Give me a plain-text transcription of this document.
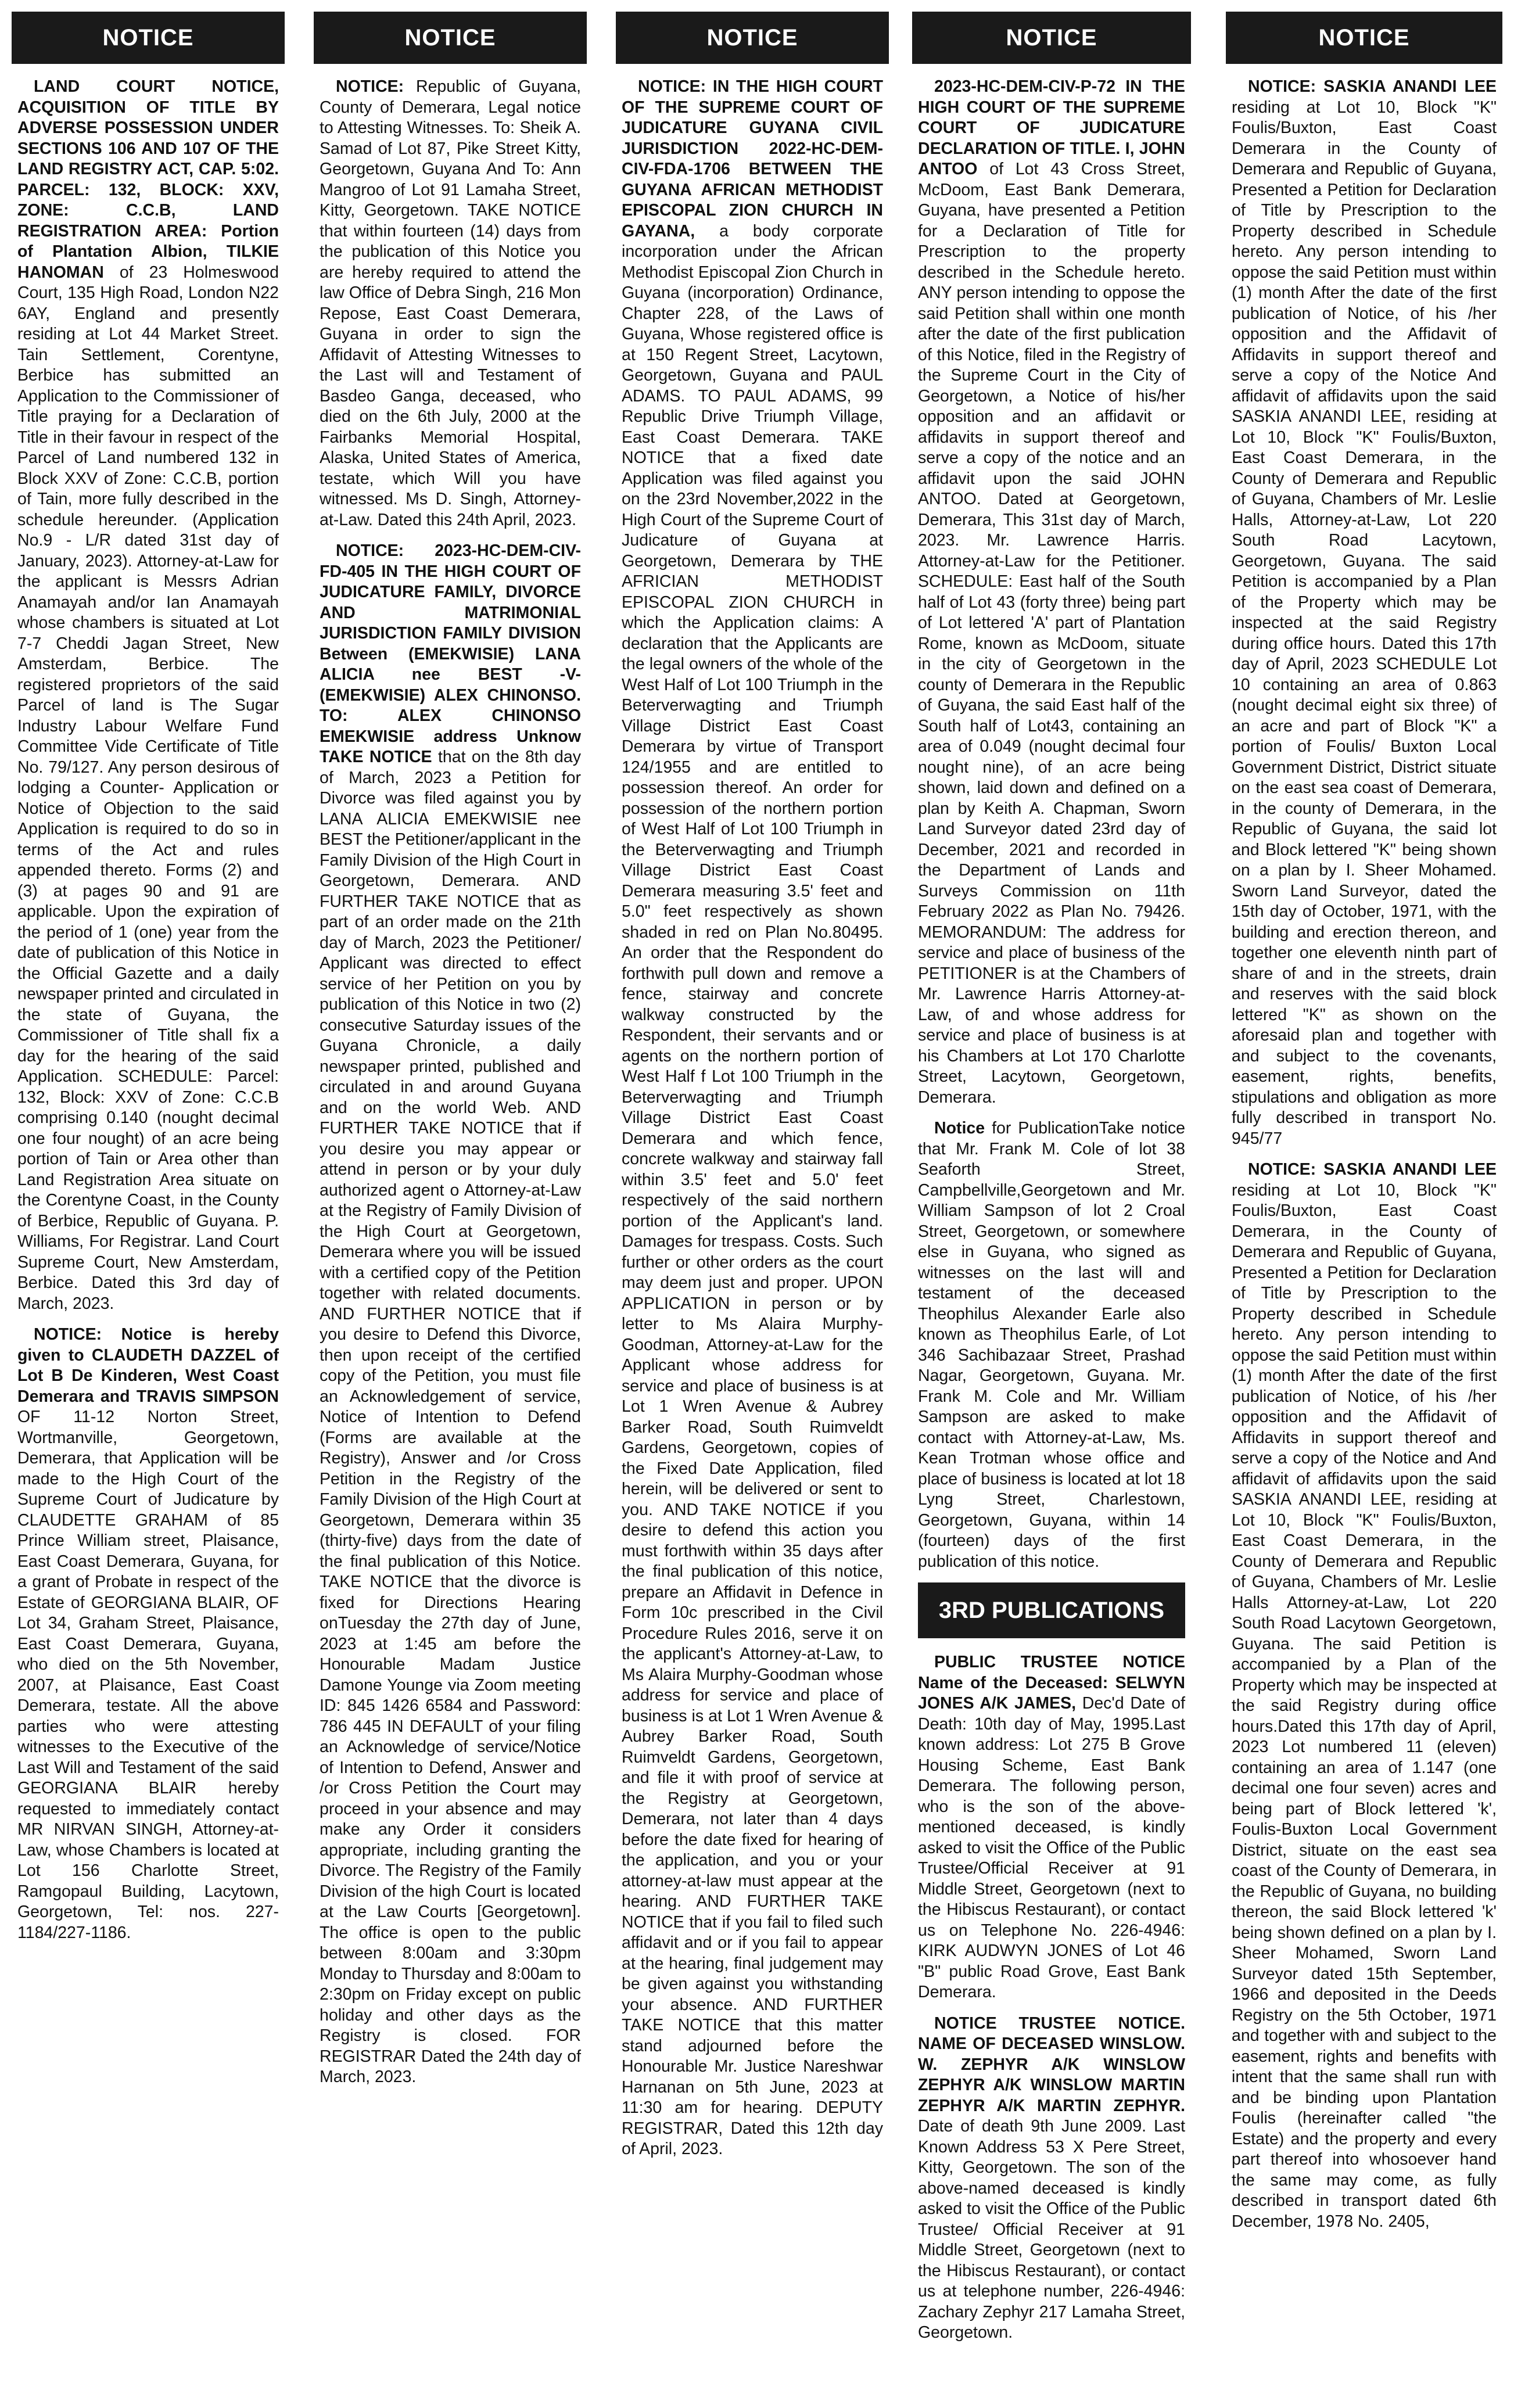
NOTICE

LAND COURT NOTICE, ACQUISITION OF TITLE BY ADVERSE POSSESSION UNDER SECTIONS 106 AND 107 OF THE LAND REGISTRY ACT, CAP. 5:02. PARCEL: 132, BLOCK: XXV, ZONE: C.C.B, LAND REGISTRATION AREA: Portion of Plantation Albion, TILKIE HANOMAN of 23 Holmeswood Court, 135 High Road, London N22 6AY, England and presently residing at Lot 44 Market Street. Tain Settlement, Corentyne, Berbice has submitted an Application to the Commissioner of Title praying for a Declaration of Title in their favour in respect of the Parcel of Land numbered 132 in Block XXV of Zone: C.C.B, portion of Tain, more fully described in the schedule hereunder. (Application No.9 - L/R dated 31st day of January, 2023). Attorney-at-Law for the applicant is Messrs Adrian Anamayah and/or Ian Anamayah whose chambers is situated at Lot 7-7 Cheddi Jagan Street, New Amsterdam, Berbice. The registered proprietors of the said Parcel of land is The Sugar Industry Labour Welfare Fund Committee Vide Certificate of Title No. 79/127. Any person desirous of lodging a Counter- Application or Notice of Objection to the said Application is required to do so in terms of the Act and rules appended thereto. Forms (2) and (3) at pages 90 and 91 are applicable. Upon the expiration of the period of 1 (one) year from the date of publication of this Notice in the Official Gazette and a daily newspaper printed and circulated in the state of Guyana, the Commissioner of Title shall fix a day for the hearing of the said Application. SCHEDULE: Parcel: 132, Block: XXV of Zone: C.C.B comprising 0.140 (nought decimal one four nought) of an acre being portion of Tain or Area other than Land Registration Area situate on the Corentyne Coast, in the County of Berbice, Republic of Guyana. P. Williams, For Registrar. Land Court Supreme Court, New Amsterdam, Berbice. Dated this 3rd day of March, 2023.

NOTICE: Notice is hereby given to CLAUDETH DAZZEL of Lot B De Kinderen, West Coast Demerara and TRAVIS SIMPSON OF 11-12 Norton Street, Wortmanville, Georgetown, Demerara, that Application will be made to the High Court of the Supreme Court of Judicature by CLAUDETTE GRAHAM of 85 Prince William street, Plaisance, East Coast Demerara, Guyana, for a grant of Probate in respect of the Estate of GEORGIANA BLAIR, OF Lot 34, Graham Street, Plaisance, East Coast Demerara, Guyana, who died on the 5th November, 2007, at Plaisance, East Coast Demerara, testate. All the above parties who were attesting witnesses to the Executive of the Last Will and Testament of the said GEORGIANA BLAIR hereby requested to immediately contact MR NIRVAN SINGH, Attorney-at-Law, whose Chambers is located at Lot 156 Charlotte Street, Ramgopaul Building, Lacytown, Georgetown, Tel: nos. 227-1184/227-1186.

NOTICE

NOTICE: Republic of Guyana, County of Demerara, Legal notice to Attesting Witnesses. To: Sheik A. Samad of Lot 87, Pike Street Kitty, Georgetown, Guyana And To: Ann Mangroo of Lot 91 Lamaha Street, Kitty, Georgetown. TAKE NOTICE that within fourteen (14) days from the publication of this Notice you are hereby required to attend the law Office of Debra Singh, 216 Mon Repose, East Coast Demerara, Guyana in order to sign the Affidavit of Attesting Witnesses to the Last will and Testament of Basdeo Ganga, deceased, who died on the 6th July, 2000 at the Fairbanks Memorial Hospital, Alaska, United States of America, testate, which Will you have witnessed. Ms D. Singh, Attorney-at-Law. Dated this 24th April, 2023.

NOTICE: 2023-HC-DEM-CIV-FD-405 IN THE HIGH COURT OF JUDICATURE FAMILY, DIVORCE AND MATRIMONIAL JURISDICTION FAMILY DIVISION Between (EMEKWISIE) LANA ALICIA nee BEST -V- (EMEKWISIE) ALEX CHINONSO. TO: ALEX CHINONSO EMEKWISIE address Unknow TAKE NOTICE that on the 8th day of March, 2023 a Petition for Divorce was filed against you by LANA ALICIA EMEKWISIE nee BEST the Petitioner/applicant in the Family Division of the High Court in Georgetown, Demerara. AND FURTHER TAKE NOTICE that as part of an order made on the 21th day of March, 2023 the Petitioner/ Applicant was directed to effect service of her Petition on you by publication of this Notice in two (2) consecutive Saturday issues of the Guyana Chronicle, a daily newspaper printed, published and circulated in and around Guyana and on the world Web. AND FURTHER TAKE NOTICE that if you desire you may appear or attend in person or by your duly authorized agent o Attorney-at-Law at the Registry of Family Division of the High Court at Georgetown, Demerara where you will be issued with a certified copy of the Petition together with related documents. AND FURTHER NOTICE that if you desire to Defend this Divorce, then upon receipt of the certified copy of the Petition, you must file an Acknowledgement of service, Notice of Intention to Defend (Forms are available at the Registry), Answer and /or Cross Petition in the Registry of the Family Division of the High Court at Georgetown, Demerara within 35 (thirty-five) days from the date of the final publication of this Notice. TAKE NOTICE that the divorce is fixed for Directions Hearing onTuesday the 27th day of June, 2023 at 1:45 am before the Honourable Madam Justice Damone Younge via Zoom meeting ID: 845 1426 6584 and Password: 786 445 IN DEFAULT of your filing an Acknowledge of service/Notice of Intention to Defend, Answer and /or Cross Petition the Court may proceed in your absence and may make any Order it considers appropriate, including granting the Divorce. The Registry of the Family Division of the high Court is located at the Law Courts [Georgetown]. The office is open to the public between 8:00am and 3:30pm Monday to Thursday and 8:00am to 2:30pm on Friday except on public holiday and other days as the Registry is closed. FOR REGISTRAR Dated the 24th day of March, 2023.

NOTICE

NOTICE: IN THE HIGH COURT OF THE SUPREME COURT OF JUDICATURE GUYANA CIVIL JURISDICTION 2022-HC-DEM-CIV-FDA-1706 BETWEEN THE GUYANA AFRICAN METHODIST EPISCOPAL ZION CHURCH IN GAYANA, a body corporate incorporation under the African Methodist Episcopal Zion Church in Guyana (incorporation) Ordinance, Chapter 228, of the Laws of Guyana, Whose registered office is at 150 Regent Street, Lacytown, Georgetown, Guyana and PAUL ADAMS. TO PAUL ADAMS, 99 Republic Drive Triumph Village, East Coast Demerara. TAKE NOTICE that a fixed date Application was filed against you on the 23rd November,2022 in the High Court of the Supreme Court of Judicature of Guyana at Georgetown, Demerara by THE AFRICIAN METHODIST EPISCOPAL ZION CHURCH in which the Application claims: A declaration that the Applicants are the legal owners of the whole of the West Half of Lot 100 Triumph in the Beterverwagting and Triumph Village District East Coast Demerara by virtue of Transport 124/1955 and are entitled to possession thereof. An order for possession of the northern portion of West Half of Lot 100 Triumph in the Beterverwagting and Triumph Village District East Coast Demerara measuring 3.5' feet and 5.0" feet respectively as shown shaded in red on Plan No.80495. An order that the Respondent do forthwith pull down and remove a fence, stairway and concrete walkway constructed by the Respondent, their servants and or agents on the northern portion of West Half f Lot 100 Triumph in the Beterverwagting and Triumph Village District East Coast Demerara and which fence, concrete walkway and stairway fall within 3.5' feet and 5.0' feet respectively of the said northern portion of the Applicant's land. Damages for trespass. Costs. Such further or other orders as the court may deem just and proper. UPON APPLICATION in person or by letter to Ms Alaira Murphy-Goodman, Attorney-at-Law for the Applicant whose address for service and place of business is at Lot 1 Wren Avenue & Aubrey Barker Road, South Ruimveldt Gardens, Georgetown, copies of the Fixed Date Application, filed herein, will be delivered or sent to you. AND TAKE NOTICE if you desire to defend this action you must forthwith within 35 days after the final publication of this notice, prepare an Affidavit in Defence in Form 10c prescribed in the Civil Procedure Rules 2016, serve it on the applicant's Attorney-at-Law, to Ms Alaira Murphy-Goodman whose address for service and place of business is at Lot 1 Wren Avenue & Aubrey Barker Road, South Ruimveldt Gardens, Georgetown, and file it with proof of service at the Registry at Georgetown, Demerara, not later than 4 days before the date fixed for hearing of the application, and you or your attorney-at-law must appear at the hearing. AND FURTHER TAKE NOTICE that if you fail to filed such affidavit and or if you fail to appear at the hearing, final judgement may be given against you withstanding your absence. AND FURTHER TAKE NOTICE that this matter stand adjourned before the Honourable Mr. Justice Nareshwar Harnanan on 5th June, 2023 at 11:30 am for hearing. DEPUTY REGISTRAR, Dated this 12th day of April, 2023.

NOTICE

2023-HC-DEM-CIV-P-72 IN THE HIGH COURT OF THE SUPREME COURT OF JUDICATURE DECLARATION OF TITLE. I, JOHN ANTOO of Lot 43 Cross Street, McDoom, East Bank Demerara, Guyana, have presented a Petition for a Declaration of Title for Prescription to the property described in the Schedule hereto. ANY person intending to oppose the said Petition shall within one month after the date of the first publication of this Notice, filed in the Registry of the Supreme Court in the City of Georgetown, a Notice of his/her opposition and an affidavit or affidavits in support thereof and serve a copy of the notice and an affidavit upon the said JOHN ANTOO. Dated at Georgetown, Demerara, This 31st day of March, 2023. Mr. Lawrence Harris. Attorney-at-Law for the Petitioner. SCHEDULE: East half of the South half of Lot 43 (forty three) being part of Lot lettered 'A' part of Plantation Rome, known as McDoom, situate in the city of Georgetown in the county of Demerara in the Republic of Guyana, the said East half of the South half of Lot43, containing an area of 0.049 (nought decimal four nought nine), of an acre being shown, laid down and defined on a plan by Keith A. Chapman, Sworn Land Surveyor dated 23rd day of December, 2021 and recorded in the Department of Lands and Surveys Commission on 11th February 2022 as Plan No. 79426. MEMORANDUM: The address for service and place of business of the PETITIONER is at the Chambers of Mr. Lawrence Harris Attorney-at-Law, of and whose address for service and place of business is at his Chambers at Lot 170 Charlotte Street, Lacytown, Georgetown, Demerara.

Notice for PublicationTake notice that Mr. Frank M. Cole of lot 38 Seaforth Street, Campbellville,Georgetown and Mr. William Sampson of lot 2 Croal Street, Georgetown, or somewhere else in Guyana, who signed as witnesses on the last will and testament of the deceased Theophilus Alexander Earle also known as Theophilus Earle, of Lot 346 Sachibazaar Street, Prashad Nagar, Georgetown, Guyana. Mr. Frank M. Cole and Mr. William Sampson are asked to make contact with Attorney-at-Law, Ms. Kean Trotman whose office and place of business is located at lot 18 Lyng Street, Charlestown, Georgetown, Guyana, within 14 (fourteen) days of the first publication of this notice.

3RD PUBLICATIONS

PUBLIC TRUSTEE NOTICE Name of the Deceased: SELWYN JONES A/K JAMES, Dec'd Date of Death: 10th day of May, 1995.Last known address: Lot 275 B Grove Housing Scheme, East Bank Demerara. The following person, who is the son of the above-mentioned deceased, is kindly asked to visit the Office of the Public Trustee/Official Receiver at 91 Middle Street, Georgetown (next to the Hibiscus Restaurant), or contact us on Telephone No. 226-4946: KIRK AUDWYN JONES of Lot 46 "B" public Road Grove, East Bank Demerara.

NOTICE TRUSTEE NOTICE. NAME OF DECEASED WINSLOW. W. ZEPHYR A/K WINSLOW ZEPHYR A/K WINSLOW MARTIN ZEPHYR A/K MARTIN ZEPHYR. Date of death 9th June 2009. Last Known Address 53 X Pere Street, Kitty, Georgetown. The son of the above-named deceased is kindly asked to visit the Office of the Public Trustee/ Official Receiver at 91 Middle Street, Georgetown (next to the Hibiscus Restaurant), or contact us at telephone number, 226-4946: Zachary Zephyr 217 Lamaha Street, Georgetown.

NOTICE

NOTICE: SASKIA ANANDI LEE residing at Lot 10, Block "K" Foulis/Buxton, East Coast Demerara in the County of Demerara and Republic of Guyana, Presented a Petition for Declaration of Title by Prescription to the Property described in Schedule hereto. Any person intending to oppose the said Petition must within (1) month After the date of the first publication of Notice, of his /her opposition and the Affidavit of Affidavits in support thereof and serve a copy of the Notice And affidavit of affidavits upon the said SASKIA ANANDI LEE, residing at Lot 10, Block "K" Foulis/Buxton, East Coast Demerara, in the County of Demerara and Republic of Guyana, Chambers of Mr. Leslie Halls, Attorney-at-Law, Lot 220 South Road Lacytown, Georgetown, Guyana. The said Petition is accompanied by a Plan of the Property which may be inspected at the said Registry during office hours. Dated this 17th day of April, 2023 SCHEDULE Lot 10 containing an area of 0.863 (nought decimal eight six three) of an acre and part of Block "K" a portion of Foulis/ Buxton Local Government District, District situate on the east sea coast of Demerara, in the county of Demerara, in the Republic of Guyana, the said lot and Block lettered "K" being shown on a plan by I. Sheer Mohamed. Sworn Land Surveyor, dated the 15th day of October, 1971, with the building and erection thereon, and together one eleventh ninth part of share of and in the streets, drain and reserves with the said block lettered "K" as shown on the aforesaid plan and together with and subject to the covenants, easement, rights, benefits, stipulations and obligation as more fully described in transport No. 945/77

NOTICE: SASKIA ANANDI LEE residing at Lot 10, Block "K" Foulis/Buxton, East Coast Demerara, in the County of Demerara and Republic of Guyana, Presented a Petition for Declaration of Title by Prescription to the Property described in Schedule hereto. Any person intending to oppose the said Petition must within (1) month After the date of the first publication of Notice, of his /her opposition and the Affidavit of Affidavits in support thereof and serve a copy of the Notice and And affidavit of affidavits upon the said SASKIA ANANDI LEE, residing at Lot 10, Block "K" Foulis/Buxton, East Coast Demerara, in the County of Demerara and Republic of Guyana, Chambers of Mr. Leslie Halls Attorney-at-Law, Lot 220 South Road Lacytown Georgetown, Guyana. The said Petition is accompanied by a Plan of the Property which may be inspected at the said Registry during office hours.Dated this 17th day of April, 2023 Lot numbered 11 (eleven) containing an area of 1.147 (one decimal one four seven) acres and being part of Block lettered 'k', Foulis-Buxton Local Government District, situate on the east sea coast of the County of Demerara, in the Republic of Guyana, no building thereon, the said Block lettered 'k' being shown defined on a plan by I. Sheer Mohamed, Sworn Land Surveyor dated 15th September, 1966 and deposited in the Deeds Registry on the 5th October, 1971 and together with and subject to the easement, rights and benefits with intent that the same shall run with and be binding upon Plantation Foulis (hereinafter called "the Estate) and the property and every part thereof into whosoever hand the same may come, as fully described in transport dated 6th December, 1978 No. 2405,
